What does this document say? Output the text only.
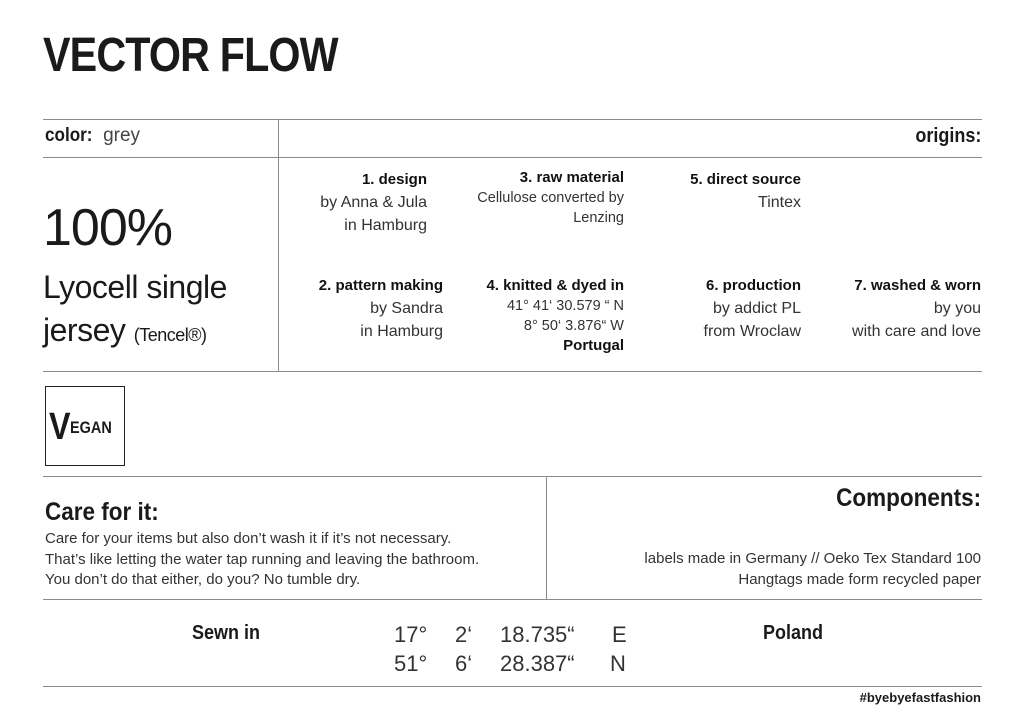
VECTOR FLOW
color: grey	origins:
100%
Lyocell single
jersey (Tencel®)
1. design
by Anna & Jula
in Hamburg
2. pattern making
by Sandra
in Hamburg
3. raw material
Cellulose converted by
Lenzing
4. knitted & dyed in
41° 41‘ 30.579 “ N
8° 50‘ 3.876“ W
Portugal
5. direct source
Tintex
6. production
by addict PL
from Wroclaw
7. washed & worn
by you
with care and love
V EGAN
Care for it:
Care for your items but also don’t wash it if it’s not necessary.
That’s like letting the water tap running and leaving the bathroom.
You don’t do that either, do you? No tumble dry.
Components:
labels made in Germany // Oeko Tex Standard 100
Hangtags made form recycled paper
Sewn in	17° 2‘ 18.735“ E
51° 6‘ 28.387“ N
Poland
#byebyefastfashion
